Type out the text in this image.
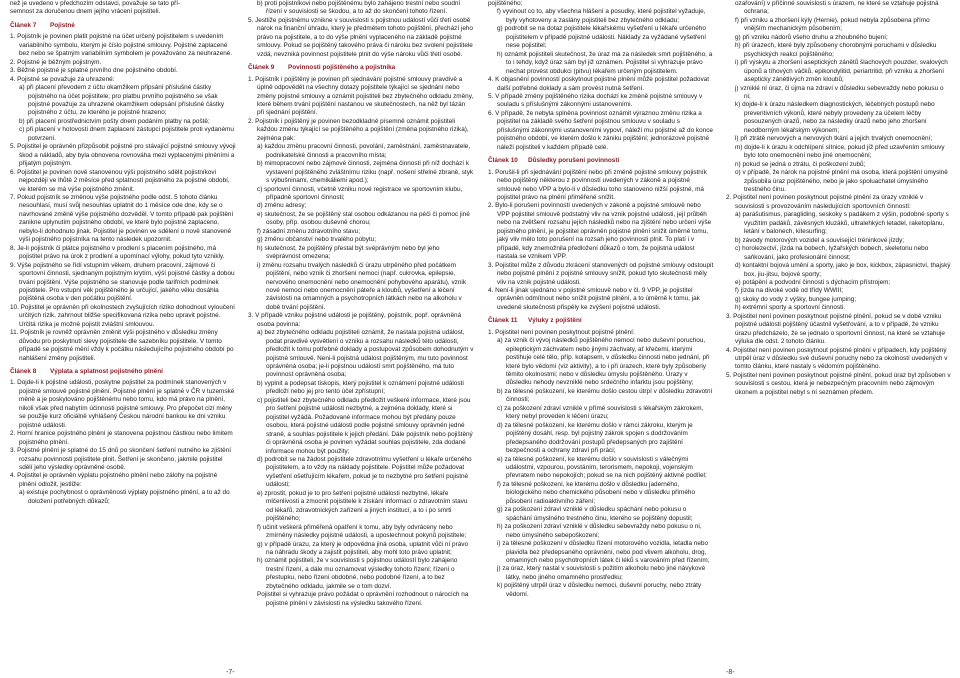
než je uvedeno v předchozím odstavci, považuje se tato pří-

semnost za doručenou dnem jejího vrácení pojistiteli.

Článek 7 Pojistné

1. Pojistník je povinen platit pojistné na účet určený pojistitelem s uvedením variabilního symbolu, kterým je číslo pojistné smlouvy. Pojistné zaplacené bez nebo se špatným variabilním symbolem je považováno za neuhrazené.

2. Pojistné je běžným pojistným.

3. Běžné pojistné je splatné prvního dne pojistného období.

4. Pojistné se považuje za uhrazené:

a) při placení převodem z účtu okamžikem připsání příslušné částky pojistného na účet pojistitele; pro platbu prvního pojistného se však pojistné považuje za uhrazené okamžikem odepsání příslušné částky pojistného z účtu, ze kterého je pojistné hrazeno;

b) při placení prostřednictvím pošty dnem podáním platby na poště;

c) při placení v hotovosti dnem zaplacení zástupci pojistitele proti vydanému potvrzení.

5. Pojistitel je oprávněn přizpůsobit pojistné pro stávající pojistné smlouvy vývoji škod a nákladů, aby byla obnovena rovnováha mezi vyplacenými plněními a přijatým pojistným.

6. Pojistitel je povinen nově stanovenou výši pojistného sdělit pojistníkovi nejpozději ve lhůtě 2 měsíce před splatností pojistného za pojistné období, ve kterém se má výše pojistného změnit.

7. Pokud pojistník se změnou výše pojistného podle odst. 5 tohoto článku nesouhlasí, musí svůj nesouhlas uplatnit do 1 měsíce ode dne, kdy se o navrhované změně výše pojistného dozvěděl. V tomto případě pak pojištění zanikne uplynutím pojistného období, ve které bylo pojistné zaplaceno, nebylo-li dohodnuto jinak. Pojistitel je povinen ve sdělení o nově stanovené výši pojistného pojistníka na tento následek upozornit.

8. Je-li pojistník či plátce pojistného v prodlení s placením pojistného, má pojistitel právo na úrok z prodlení a upomínací výlohy, pokud tyto vznikly.

9. Výše pojistného se řídí vstupním věkem, druhem pracovní, zájmové či sportovní činnosti, sjednaným pojistným krytím, výší pojistné částky a dobou trvání pojištění. Výše pojistného se stanovuje podle tarifních podmínek pojistitele. Pro vstupní věk pojištěného je určující, jakého věku dosáhla pojištěná osoba v den počátku pojištění.

10. Pojistitel je oprávněn při okolnostech zvyšujících riziko dohodnout vyloučení určitých rizik, zahrnout bližše specifikovaná rizika nebo upravit pojistné. Určitá rizika je možné pojistit zvláštní smlouvou.

11. Pojistník je rovněž oprávněn změnit výši pojistného v důsledku změny důvodu pro poskytnutí slevy pojistitele dle sazebníku pojistitele. V tomto případě se pojistné mění vždy k počátku následujícího pojistného období po nahlášení změny pojistiteli.

Článek 8 Výplata a splatnost pojistného plnění

1. Dojde-li k pojistné události, poskytne pojistitel za podmínek stanovených v pojistné smlouvě pojistné plnění. Pojistné plnění je splatné v ČR v tuzemské měně a je poskytováno pojištěnému nebo tomu, kdo má právo na plnění, nikoli však před nabytím účinnosti pojistné smlouvy. Pro přepočet cizí měny se použije kurz oficiálně vyhlášený Českou národní bankou ke dni vzniku pojistné události.

2. Horní hranice pojistného plnění je stanovena pojistnou částkou nebo limitem pojistného plnění.

3. Pojistné plnění je splatné do 15 dnů po skončení šetření nutného ke zjištění rozsahu povinnosti pojistitele plnit. Šetření je skončeno, jakmile pojistitel sdělí jeho výsledky oprávněné osobě.

4. Pojistitel je oprávněn výplatu pojistného plnění nebo zálohy na pojistné plnění odložit, jestliže:

a) existuje pochybnost o oprávněnosti výplaty pojistného plnění, a to až do doložení potřebných důkazů;

b) proti pojistníkovi nebo pojištěnému bylo zahájeno trestní nebo soudní řízení v souvislosti se škodou, a to až do skončení tohoto řízení.

5. Jestliže pojistnému vznikne v souvislosti s pojistnou událostí vůči třetí osobě nárok na finanční úhradu, který je předmětem tohoto pojištění, přechází jeho právo na pojistitele, a to do výše plnění vyplaceného na základě pojistné smlouvy. Pokud se pojištěný takového práva či nároku bez svolení pojistitele vzdá, nevzniká povinnost pojistitele plnit do výše nároku vůči třetí osobě.

Článek 9 Povinnosti pojištěného a pojistníka

1. Pojistník i pojištěný je povinen při sjednávání pojistné smlouvy pravdivě a úplně odpovědět na všechny dotazy pojistitele týkající se sjednání nebo změny pojistné smlouvy a oznámit pojistiteli bez zbytečného odkladu změny, které během trvání pojištění nastanou ve skutečnostech, na něž byl tázán při sjednání pojištění.

2. Pojistník i pojištěný je povinen bezodkladně písemně oznámit pojistiteli každou změnu týkající se pojištěného a pojištění (změna pojistného rizika), zejména pak:

a) každou změnu pracovní činnosti, povolání, zaměstnání, zaměstnavatele, podnikatelské činnosti a pracovního místa;

b) mimopracovní nebo zájmové činnosti, zejména činnosti při níž dochází k vystavení pojištěného zvláštnímu riziku (např. nošení střelné zbraně, styk s výbušninami, chemikáliemi apod.);

c) sportovní činnosti, včetně vzniku nové registrace ve sportovním klubu, případně sportovní činnosti;

d) změnu adresy;

e) skutečnost, že se pojištěný stal osobou odkázanou na péči či pomoc jiné osoby, příp. osobou duševně chorou;

f) zásadní změnu zdravotního stavu;

g) změnu občanství nebo trvalého pobytu;

h) skutečnost, že pojištěný přestal být svéprávným nebo byl jeho svéprávnost omezena;

i) změnu rozsahu trvalých následků či úrazu utrpěného před počátkem pojištění, nebo vznik či zhoršení nemoci (např. cukrovka, epilepsie, nervového onemocnění nebo onemocnění pohybového aparátu), vznik nové nemoci nebo onemocnění páteře a kloubů, vyšetření a léčení závislosti na omamných a psychotropních látkách nebo na alkoholu v době trvání pojištění.

3. V případě vzniku pojistné události je pojištěný, pojistník, popř. oprávněná osoba povinna:

a) bez zbytečného odkladu pojistiteli oznámit, že nastala pojistná událost, podat pravdivé vysvětlení o vzniku a rozsahu následků této události, předložit k tomu potřebné doklady a postupovat způsobem dohodnutým v pojistné smlouvě. Neni-li pojistná událost pojištěným, mu tuto povinnost oprávněná osoba; je-li pojistnou událostí smrt pojištěného, má tuto povinnost oprávněná osoba;

b) vyplnit a podepsat tiskopis, který pojistitel k oznámení pojistné události předloží nebo jej pro tento účel zpřístupní;

c) pojistiteli bez zbytečného odkladu předložit veškeré informace, které jsou pro šetření pojistné události nezbytné, a zejména doklady, které si pojistitel vyžádá. Požadované informace mohou být předány pouze osobou, která pojistné události podle pojistné smlouvy oprávněn jedné straně, a souhlas pojistitele k jejich předání. Dále pojistník nebo pojištěný či oprávněná osoba je povinen vyžádat souhlas pojistitele, zda dodané informace mohou být použity;

d) podrobit se na žádost pojistitele zdravotnímu vyšetření u lékaře určeného pojistitelem, a to vždy na náklady pojistitele. Pojistitel může požadovat vyšetření ošetřujícím lékařem, pokud je to nezbytné pro šetření pojistné události;

e) zprostit, pokud je to pro šetření pojistné události nezbytné, lékaře mlčenlivosti a zmocnit pojistitele k získání informací o zdravotním stavu od lékařů, zdravotnických zařízení a jiných institucí, a to i po smrti pojištěného;

f) učinit veškerá přiměřená opatření k tomu, aby byly odvráceny nebo zmírněny následky pojistné události, a uposlechnout pokynů pojistitele;

g) v případě úrazu, za který je odpovědna jiná osoba, uplatnit vůči ní právo na náhradu škody a zajistit pojistiteli, aby mohl toto právo uplatnit;

h) oznámit pojistiteli, že v souvislosti s pojistnou událostí bylo zahájeno trestní řízení, a dále mu oznamovat výsledky tohoto řízení; řízení o přestupku, nebo řízení obdobné, nebo podobné řízení, a to bez zbytečného odkladu, jakmile se o tom dozví.

Pojistitel si vyhrazuje právo požádat o oprávnění rozhodnout o nárocích na pojistné plnění v závislosti na výsledku takového řízení.

pojištěného;

f) vyvinout co to, aby všechna hlášení a posudky, které pojistitel vyžaduje, byly vyhotoveny a zaslány pojistiteli bez zbytečného odkladu;

g) podrobit se na dotaz pojistitele lékařskému vyšetření u lékaře určeného pojistitelem v případě pojistné události. Náklady za vyžádané vyšetření nese pojistitel;

h) oznámit pojistiteli skutečnost, že úraz má za následek smrt pojištěného, a to i tehdy, když úraz sám byl již oznámen. Pojistitel si vyhrazuje právo nechat provést obdukci (pitvu) lékařem určeným pojistitelem.

4. K objasnění povinností poskytnout pojistné plnění může pojistitel požadovat další potřebné doklady a sám provést nutná šetření.

5. V případě změny pojištěného rizika dochází ke změně pojistné smlouvy v souladu s příslušnými zákonnými ustanoveními.

6. V případě, že nebyla splněna povinnost oznámit výraznou změnu rizika a pojistitel na základě svého šetření pojistnou smlouvu v souladu s příslušnými zákonnými ustanoveními vypoví, náleží mu pojistné až do konce pojistného období, ve kterém došlo k zániku pojištění; jednorázové pojistné náleží pojistiteli v každém případě celé.

Článek 10 Důsledky porušení povinností

1. Porušil-li při sjednávání pojištění nebo při změně pojistné smlouvy pojistník nebo pojištěný některou z povinností uvedených v zákoně a pojistné smlouvě nebo VPP a bylo-li v důsledku toho stanoveno nižší pojistné, má pojistitel právo na plnění přiměřené snížit.

2. Bylo-li porušení povinností uvedených v zákoně a pojistné smlouvě nebo VPP pojistitel smlouvě podstatný vliv na vznik pojistné události, její průběh nebo na zvětšení rozsahu jejích následků nebo na zjištění nebo určení výše pojistného plnění, je pojistitel oprávněn pojistné plnění snížit úměrně tomu, jaký vliv mělo toto porušení na rozsah jeho povinnosti plnit. To platí i v případě, kdy znemožnila předložení důkazů o tom, že pojistná událost nastala se vznikem VPP.

3. Pojistitel může z důvodu zkrácení stanovených od pojistné smlouvy odstoupit nebo pojistné plnění z pojistné smlouvy snížit, pokud tyto skutečnosti měly vliv na vznik pojistné události.

4. Není-li jinak ujednáno v pojistné smlouvě nebo v čl. 9 VPP, je pojistitel oprávněn odmítnout nebo snížit pojistné plnění, a to úměrně k tomu, jak uvedené skutečnosti přispěly ke zvýšení pojistné události.

Článek 11 Výluky z pojištění

1. Pojistitel není povinen poskytnout pojistné plnění:

a) za vznik či vývoj následků pojištěného nemocí nebo duševní poruchou, epileptickým záchvatem nebo jinými záchvaty, ať křečemi, kterými postihuje celé tělo, příp. kolapsem, v důsledku činnosti nebo jednání, při které bylo vědomí (viz aktivity), a to i při úrazech, které byly způsobeny těmito okolnostmi; nebo v důsledku úmyslu pojištěného. Úrazy v důsledku nehody nevzniklé nebo srdečního infarktu jsou pojištěny;

b) za tělesné poškození, ke kterému došlo cestou útrpí v důsledku zdravotní činnosti;

c) za poškození zdraví vzniklé v přímé souvislosti s lékařským zákrokem, který nebyl proveden k léčení úrazu;

d) za tělesné poškození, ke kterému došlo v rámci zákroku, kterým je pojištěný dosáhl, resp. byl pojistný zákrok spojen s dodržováním předepsaného dodržování postupů předepsaných pro zajištění bezpečnosti a ochrany zdraví při práci;

e) za tělesné poškození, ke kterému došlo v souvislosti s válečnými událostmi, vzpourou, povstáním, terorismem, nepokoji, vojenským převratem nebo nepokojích; pokud se na nich pojištěný aktivně podílel;

f) za tělesné poškození, ke kterému došlo v důsledku jaderného, biologického nebo chemického působení nebo v důsledku přímého působení radioaktivního záření;

g) za poškození zdraví vzniklé v důsledku spáchání nebo pokusu o spáchání úmyslného trestného činu, kterého se pojištěný dopustil;

h) za poškození zdraví vzniklé v důsledku sebevraždy nebo pokusu o ni, nebo úmyslného sebepoškození;

i) za tělesné poškození v důsledku řízení motorového vozidla, letadla nebo plavidla bez předepsaného oprávnění, nebo pod vlivem alkoholu, drog, omamných nebo psychotropních látek či léků s varováním před řízením;

j) za úraz, který nastal v souvislosti s požitím alkoholu nebo jiné návykové látky, nebo jiného omamného prostředku;

k) pojištěný utrpěl úraz v důsledku nemoci, duševní poruchy, nebo ztráty vědomí.

ozařování) v příčinné souvislosti s úrazem, ne které se vztahuje pojistná ochrana;

f) při vzniku a zhoršení kýly (Hernie), pokud nebyla způsobena přímo vnějším mechanickým působením;

g) při vzniku nádorů všeho druhu a zhoubného bujení;

h) při úrazech, které byly způsobeny chorobnými poruchami v důsledku psychických reakcí pojištěného;

i) při výskytu a zhoršení aseptických zánětů šlachových pouzder, svalových úponů a tíhových váčků, epikondylitid, periartritid, při vzniku a zhoršení asepticky zánětlivých změn kloubů;

j) vzniklé ní úraz, či újma na zdraví v důsledku sebevraždy nebo pokusu o ni;

k) dojde-li k úrazu následkem diagnostických, léčebných postupů nebo preventivních výkonů, které nebyly provedeny za účelem léčby posouzených úrazů, nebo za následky úrazů nebo jeho zhoršení neodborným lékařským výkonem;

l) při ztrátě nervových a nervových tkání a jejich trvalých onemocnění;

m) dojde-li k úrazu k odchlípení sítnice, pokud jíž před uzavřením smlouvy bylo toto onemocnění nebo jiné onemocnění;

n) pokud se jedná o ztrátu, či poškození zubů;

o) v případě, že nárok na pojistné plnění má osoba, která pojištění úmyslně způsobila úraz pojištěného, nebo je jako spoluachatel úmyslného trestného činu.

2. Pojistitel není povinen poskytnout pojistné plnění za úrazy vzniklé v souvislosti s provozováním následujících sportovních činností:

a) parašutismus, paragliding, seskoky s padákem z výšin, podobné sporty s využitím padáků, závěsných kluzáků, ultralehkých letadel, raketoplánu, letání v balonech, kitesurfing;

b) závody motorových vozidel a související tréninkové jízdy;

c) horolezectví, jízda na bobech, lyžařských bobech, skeletonu nebo saňkování, jako profesionální činnost;

d) kontaktní bojová umění a sporty, jako je box, kickbox, zápasnictví, thajský box, jiu-jitsu, bojové sporty;

e) potápění a podvodní činnosti s dýchacím přístrojem;

f) jízda na divoké vodě od třídy WWIII;

g) skoky do vody z výšky, bungee jumping;

h) extrémní sporty a sportovní činnosti.

3. Pojistitel není povinen poskytnout pojistné plnění, pokud se v době vzniku pojistné události pojištěný účastnil vyšetřování, a to v případě, že vzniku úrazu předcházelo, že se jednalo o sportovní činnost, na které se vztahuje výluka dle odst. 2 tohoto článku.

4. Pojistitel není povinen poskytnout pojistné plnění v případech, kdy pojištěný utrpěl úraz v důsledku své duševní poruchy nebo za okolností uvedených v tomto článku, které nastaly s vědomím pojištěného.

5. Pojistitel není povinen poskytnout pojistné plnění, pokud úraz byl způsoben v souvislosti s cestou, která je nebezpečným pracovním nebo zájmovým úkonem a pojistitel nebyl s ní seznámen předem.

-7-	-8-
